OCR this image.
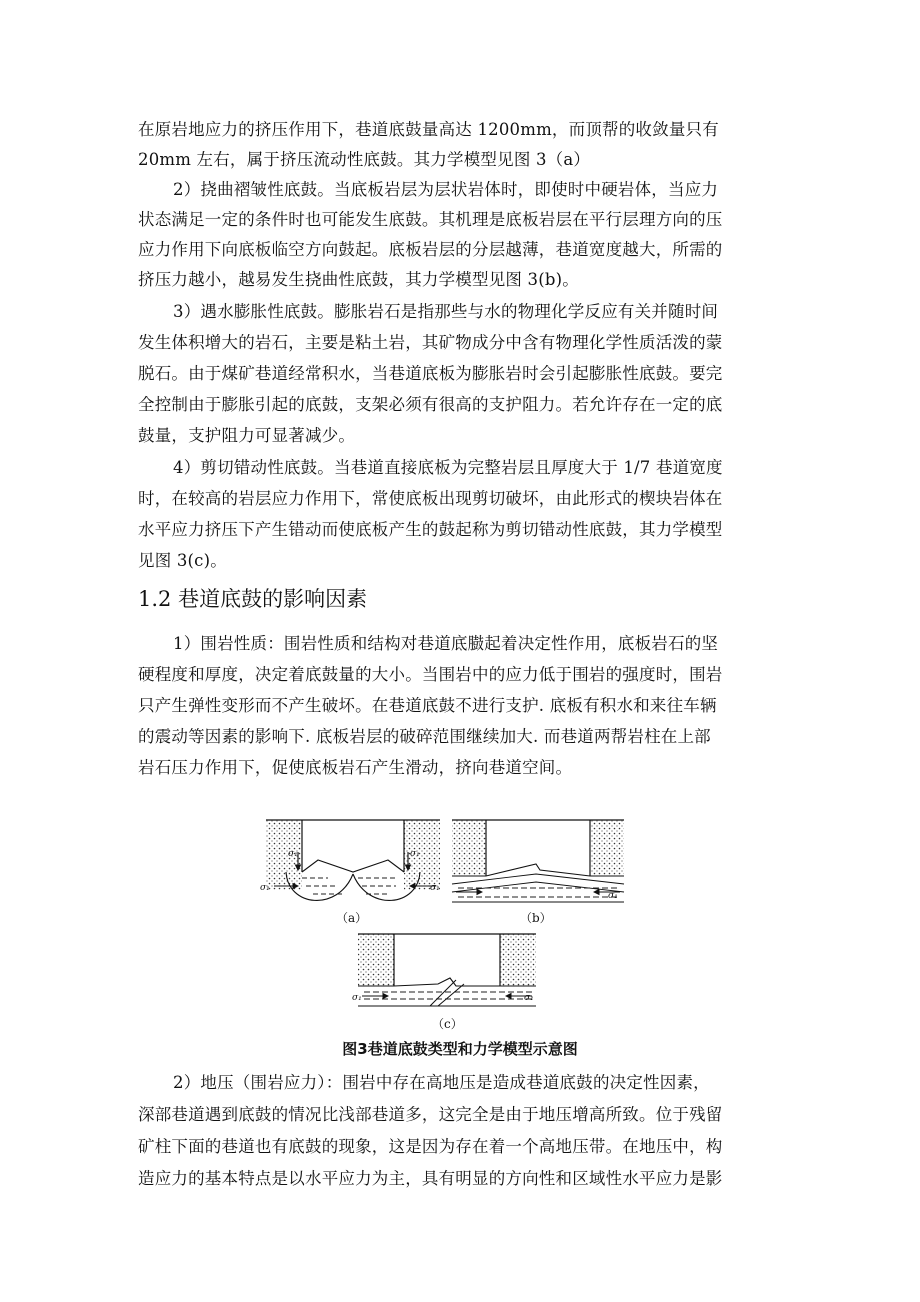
在原岩地应力的挤压作用下，巷道底鼓量高达 1200mm，而顶帮的收敛量只有
20mm 左右，属于挤压流动性底鼓。其力学模型见图 3（a）
2）挠曲褶皱性底鼓。当底板岩层为层状岩体时，即使时中硬岩体，当应力
状态满足一定的条件时也可能发生底鼓。其机理是底板岩层在平行层理方向的压
应力作用下向底板临空方向鼓起。底板岩层的分层越薄，巷道宽度越大，所需的
挤压力越小，越易发生挠曲性底鼓，其力学模型见图 3(b)。
3）遇水膨胀性底鼓。膨胀岩石是指那些与水的物理化学反应有关并随时间
发生体积增大的岩石，主要是粘土岩，其矿物成分中含有物理化学性质活泼的蒙
脱石。由于煤矿巷道经常积水，当巷道底板为膨胀岩时会引起膨胀性底鼓。要完
全控制由于膨胀引起的底鼓，支架必须有很高的支护阻力。若允许存在一定的底
鼓量，支护阻力可显著减少。
4）剪切错动性底鼓。当巷道直接底板为完整岩层且厚度大于 1/7 巷道宽度
时，在较高的岩层应力作用下，常使底板出现剪切破坏，由此形式的楔块岩体在
水平应力挤压下产生错动而使底板产生的鼓起称为剪切错动性底鼓，其力学模型
见图 3(c)。
1.2 巷道底鼓的影响因素
1）围岩性质：围岩性质和结构对巷道底臌起着决定性作用，底板岩石的坚
硬程度和厚度，决定着底鼓量的大小。当围岩中的应力低于围岩的强度时，围岩
只产生弹性变形而不产生破坏。在巷道底鼓不进行支护. 底板有积水和来往车辆
的震动等因素的影响下. 底板岩层的破碎范围继续加大. 而巷道两帮岩柱在上部
岩石压力作用下，促使底板岩石产生滑动，挤向巷道空间。
σ₁	σ₁
σ₁	σ₁
（a）
σ₁
（b）
σ₁	σ₁
（c）
图3巷道底鼓类型和力学模型示意图
2）地压（围岩应力）：围岩中存在高地压是造成巷道底鼓的决定性因素，
深部巷道遇到底鼓的情况比浅部巷道多，这完全是由于地压增高所致。位于残留
矿柱下面的巷道也有底鼓的现象，这是因为存在着一个高地压带。在地压中，构
造应力的基本特点是以水平应力为主，具有明显的方向性和区域性水平应力是影
